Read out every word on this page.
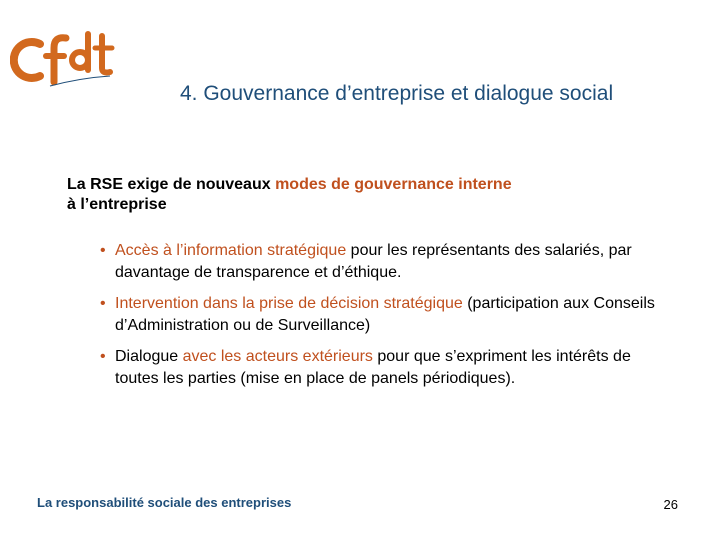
4. Gouvernance d’entreprise et dialogue social
La RSE exige de nouveaux modes de gouvernance interne
à l’entreprise
• Accès à l’information stratégique pour les représentants des salariés, par davantage de transparence et d’éthique.
• Intervention dans la prise de décision stratégique (participation aux Conseils d’Administration ou de Surveillance)
• Dialogue avec les acteurs extérieurs pour que s’expriment les intérêts de toutes les parties (mise en place de panels périodiques).
La responsabilité sociale des entreprises	26
